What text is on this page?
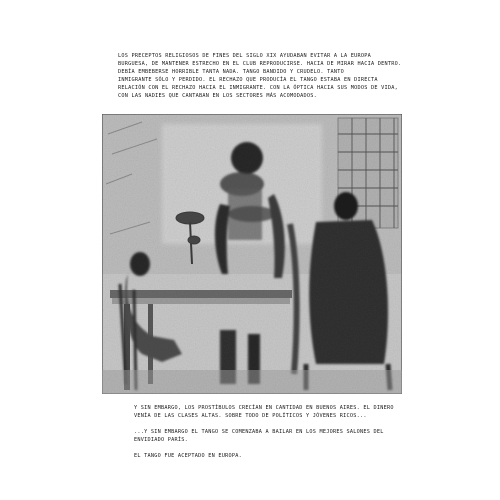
LOS PRECEPTOS RELIGIOSOS DE FINES DEL SIGLO XIX AYUDABAN EVITAR A LA EUROPA
BURGUESA, DE MANTENER ESTRECHO EN EL CLUB REPRODUCIRSE. HACIA DE MIRAR HACIA DENTRO.
DEBÍA EMBEBERSE HORRIBLE TANTA NADA. TANGO BANDIDO Y CRUDELO. TANTO
INMIGRANTE SÓLO Y PERDIDO. EL RECHAZO QUE PRODUCÍA EL TANGO ESTABA EN DIRECTA
RELACIÓN CON EL RECHAZO HACIA EL INMIGRANTE. CON LA ÓPTICA HACIA SUS MODOS DE VIDA,
CON LAS NADIES QUE CANTABAN EN LOS SECTORES MÁS ACOMODADOS.
Y SIN EMBARGO, LOS PROSTÍBULOS CRECÍAN EN CANTIDAD EN BUENOS AIRES. EL DINERO
VENÍA DE LAS CLASES ALTAS. SOBRE TODO DE POLÍTICOS Y JÓVENES RICOS...
...Y SIN EMBARGO EL TANGO SE COMENZABA A BAILAR EN LOS MEJORES SALONES DEL
ENVIDIADO PARÍS.
EL TANGO FUE ACEPTADO EN EUROPA.
